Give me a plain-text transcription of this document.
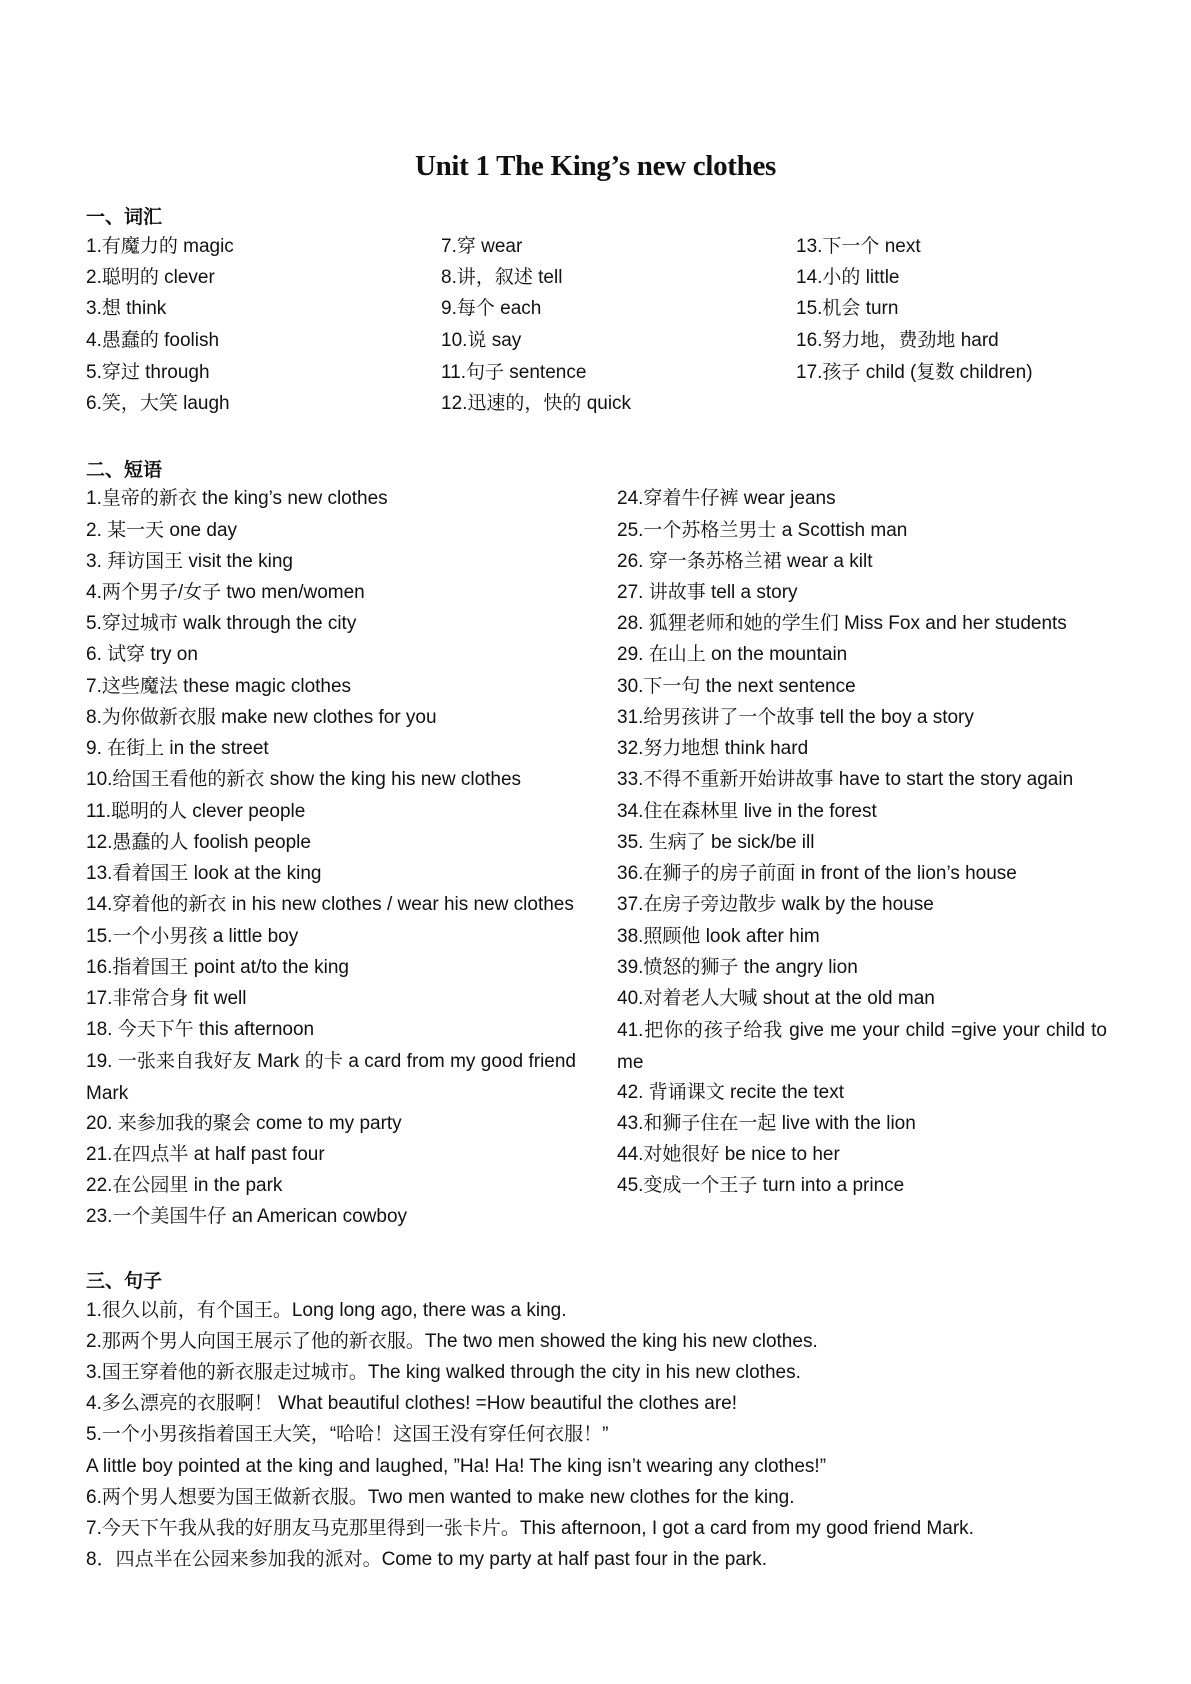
Unit 1 The King’s new clothes
一、词汇
1.有魔力的 magic
2.聪明的 clever
3.想 think
4.愚蠢的 foolish
5.穿过 through
6.笑，大笑 laugh
7.穿 wear
8.讲，叙述 tell
9.每个 each
10.说 say
11.句子 sentence
12.迅速的，快的 quick
13.下一个 next
14.小的 little
15.机会 turn
16.努力地，费劲地 hard
17.孩子 child (复数 children)
二、短语
1.皇帝的新衣 the king’s new clothes
2. 某一天 one day
3. 拜访国王 visit the king
4.两个男子/女子 two men/women
5.穿过城市 walk through the city
6. 试穿 try on
7.这些魔法 these magic clothes
8.为你做新衣服 make new clothes for you
9. 在街上 in the street
10.给国王看他的新衣 show the king his new clothes
11.聪明的人 clever people
12.愚蠢的人 foolish people
13.看着国王 look at the king
14.穿着他的新衣 in his new clothes / wear his new clothes
15.一个小男孩 a little boy
16.指着国王 point at/to the king
17.非常合身 fit well
18. 今天下午 this afternoon
19. 一张来自我好友 Mark 的卡 a card from my good friend Mark
20. 来参加我的聚会 come to my party
21.在四点半 at half past four
22.在公园里 in the park
23.一个美国牛仔 an American cowboy
24.穿着牛仔裤 wear jeans
25.一个苏格兰男士 a Scottish man
26. 穿一条苏格兰裙 wear a kilt
27. 讲故事 tell a story
28. 狐狸老师和她的学生们 Miss Fox and her students
29. 在山上 on the mountain
30.下一句 the next sentence
31.给男孩讲了一个故事 tell the boy a story
32.努力地想 think hard
33.不得不重新开始讲故事 have to start the story again
34.住在森林里 live in the forest
35. 生病了 be sick/be ill
36.在狮子的房子前面 in front of the lion’s house
37.在房子旁边散步 walk by the house
38.照顾他 look after him
39.愤怒的狮子 the angry lion
40.对着老人大喊 shout at the old man
41.把你的孩子给我 give me your child =give your child to me
42. 背诵课文 recite the text
43.和狮子住在一起 live with the lion
44.对她很好 be nice to her
45.变成一个王子 turn into a prince
三、句子
1.很久以前，有个国王。Long long ago, there was a king.
2.那两个男人向国王展示了他的新衣服。The two men showed the king his new clothes.
3.国王穿着他的新衣服走过城市。The king walked through the city in his new clothes.
4.多么漂亮的衣服啊！ What beautiful clothes! =How beautiful the clothes are!
5.一个小男孩指着国王大笑，“哈哈！这国王没有穿任何衣服！”
A little boy pointed at the king and laughed, ”Ha! Ha! The king isn’t wearing any clothes!”
6.两个男人想要为国王做新衣服。Two men wanted to make new clothes for the king.
7.今天下午我从我的好朋友马克那里得到一张卡片。This afternoon, I got a card from my good friend Mark.
8．四点半在公园来参加我的派对。Come to my party at half past four in the park.
